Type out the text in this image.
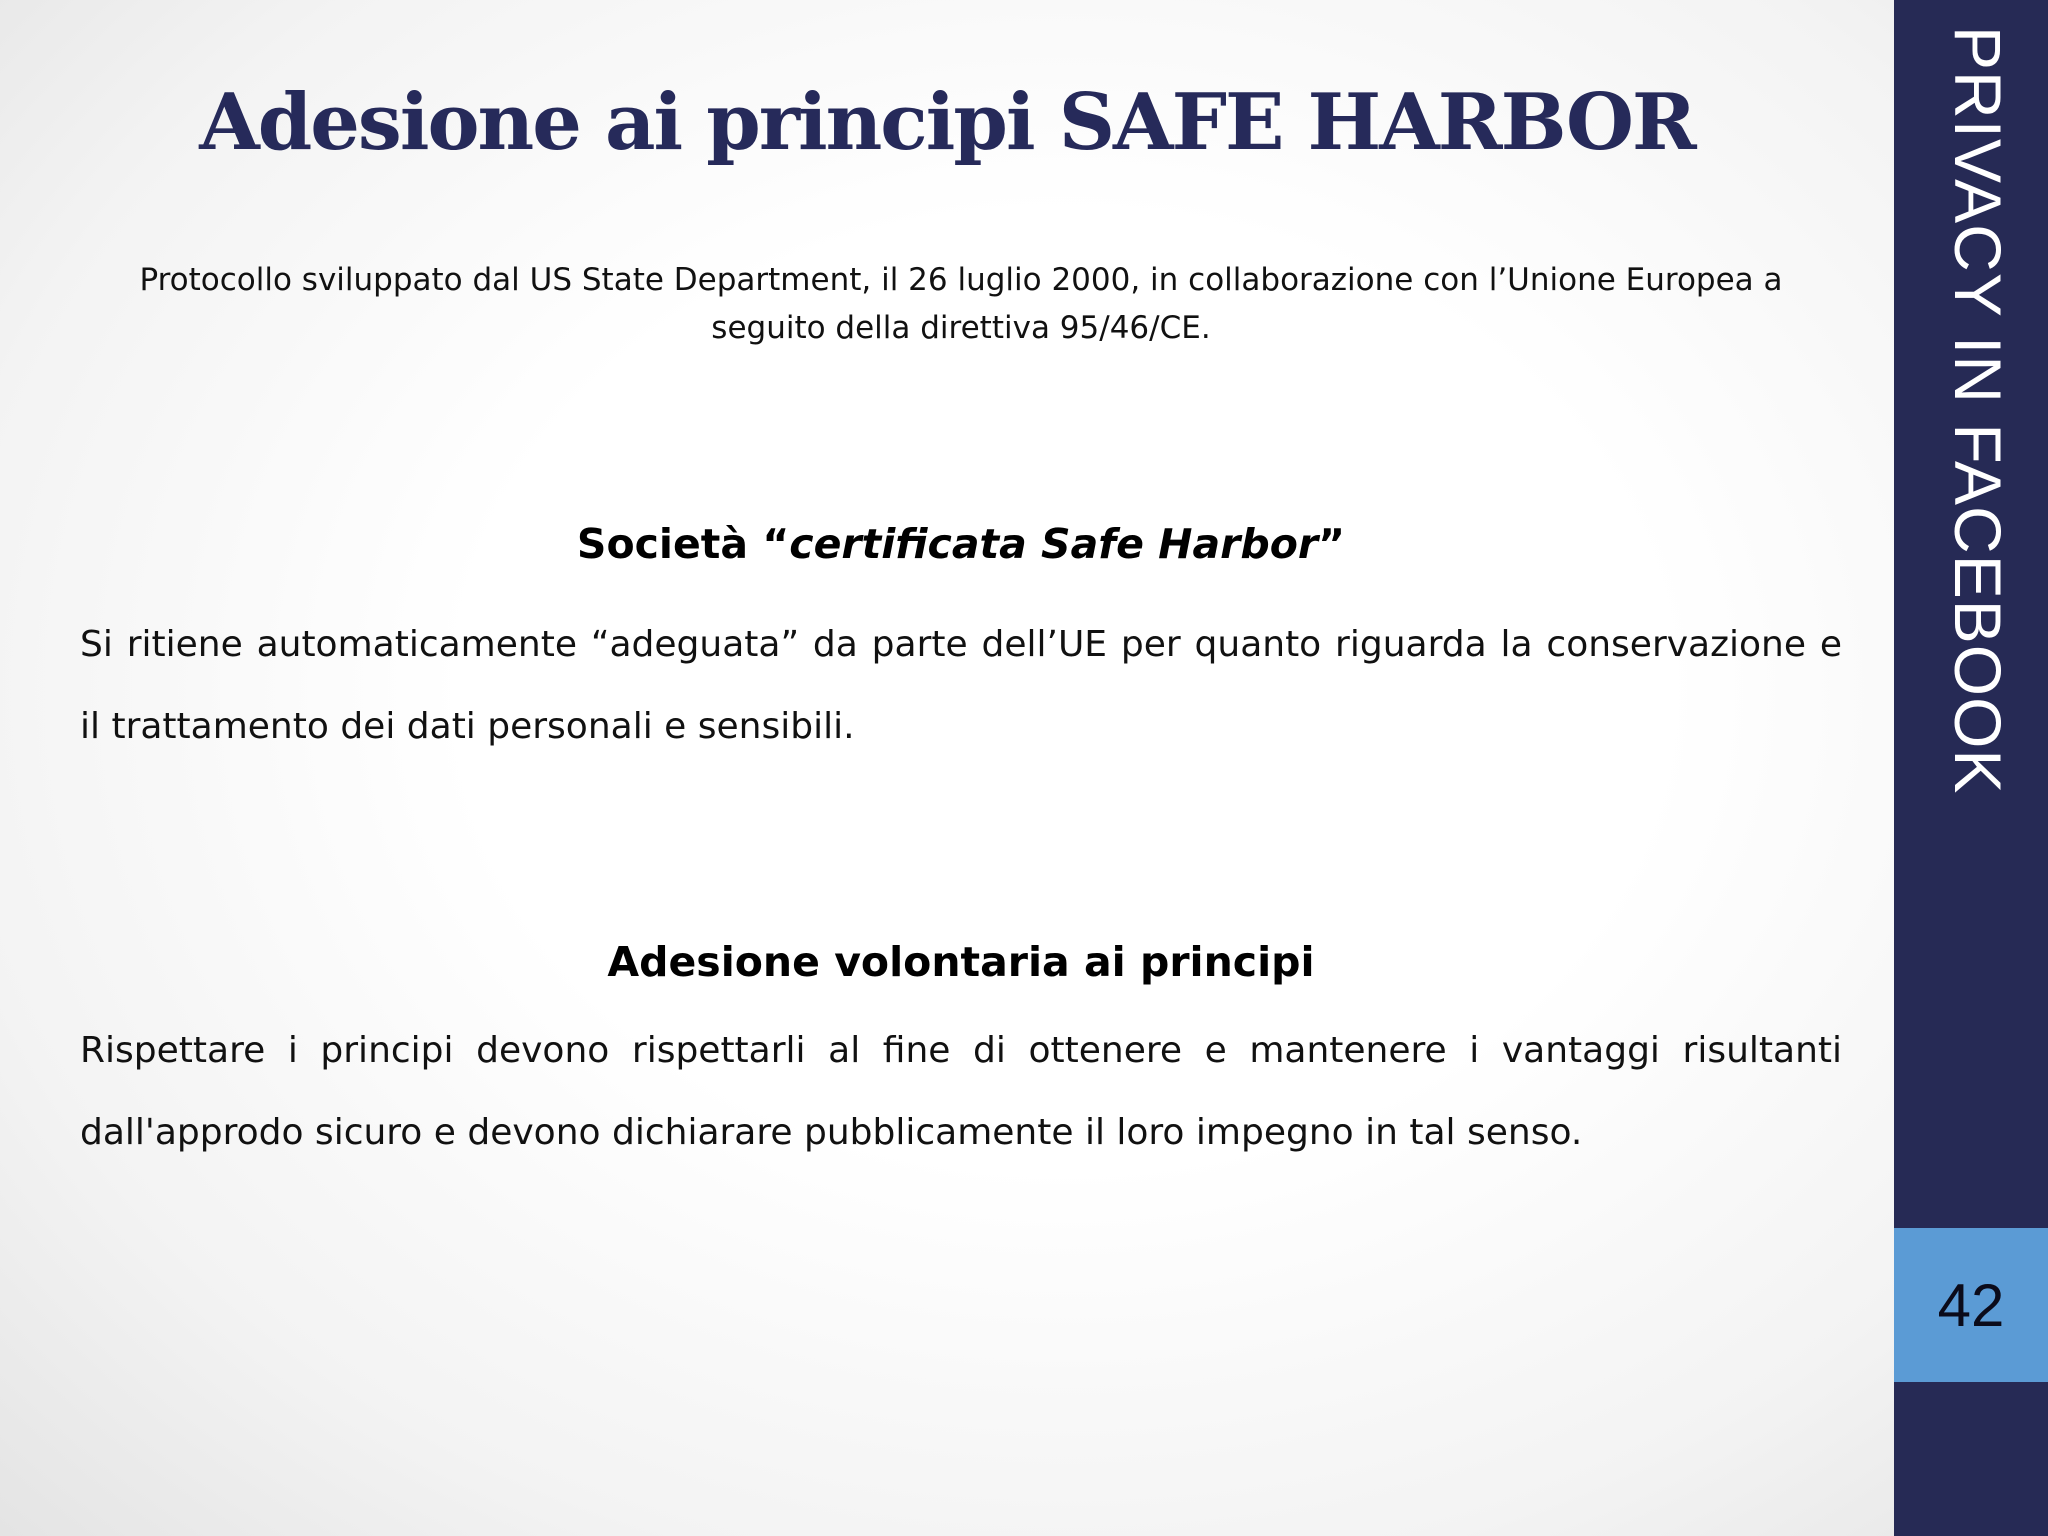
Adesione ai principi SAFE HARBOR

Protocollo sviluppato dal US State Department, il 26 luglio 2000, in collaborazione con l’Unione Europea a seguito della direttiva 95/46/CE.

Società “certificata Safe Harbor”

Si ritiene automaticamente “adeguata” da parte dell’UE per quanto riguarda la conservazione e il trattamento dei dati personali e sensibili.

Adesione volontaria ai principi

Rispettare i principi devono rispettarli al fine di ottenere e mantenere i vantaggi risultanti dall'approdo sicuro e devono dichiarare pubblicamente il loro impegno in tal senso.

PRIVACY IN FACEBOOK
42
